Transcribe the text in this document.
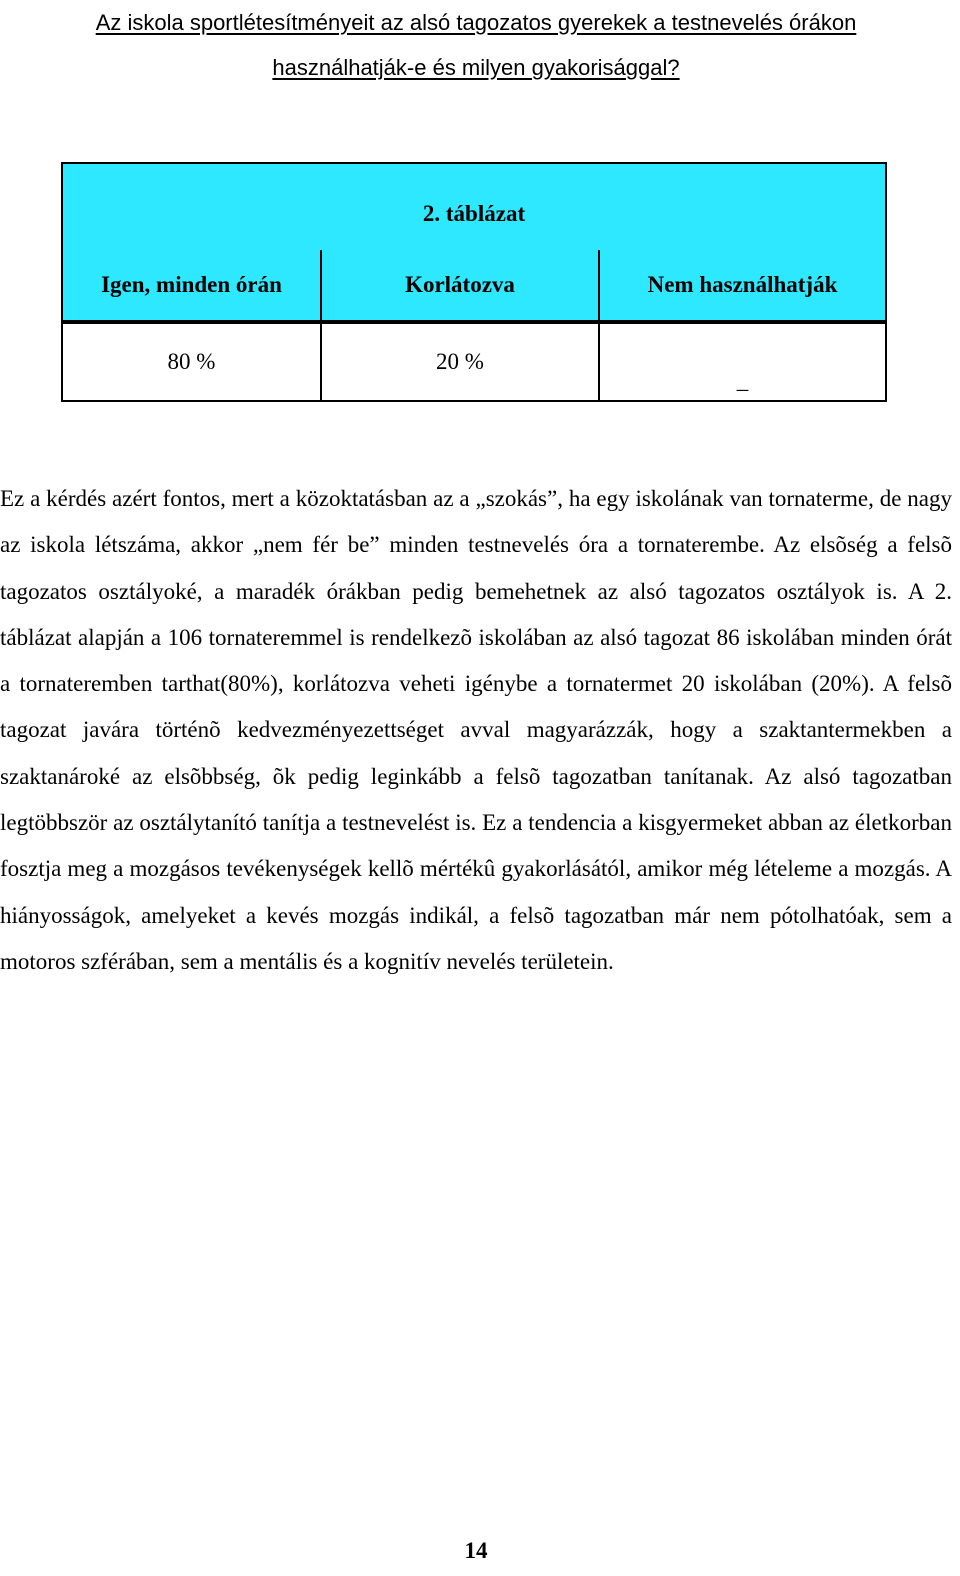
Az iskola sportlétesítményeit az alsó tagozatos gyerekek a testnevelés órákon
használhatják-e és milyen gyakorisággal?
2. táblázat		
Igen, minden órán	Korlátozva	Nem használhatják
80 %	20 %	_
Ez a kérdés azért fontos, mert a közoktatásban az a „szokás”, ha egy iskolának van tornaterme, de nagy az iskola létszáma, akkor „nem fér be” minden testnevelés óra a tornaterembe. Az elsõség a felsõ tagozatos osztályoké, a maradék órákban pedig bemehetnek az alsó tagozatos osztályok is. A 2. táblázat alapján a 106 tornateremmel is rendelkezõ iskolában az alsó tagozat 86 iskolában minden órát a tornateremben tarthat(80%), korlátozva veheti igénybe a tornatermet 20 iskolában (20%). A felsõ tagozat javára történõ kedvezményezettséget avval magyarázzák, hogy a szaktantermekben a szaktanároké az elsõbbség, õk pedig leginkább a felsõ tagozatban tanítanak. Az alsó tagozatban legtöbbször az osztálytanító tanítja a testnevelést is. Ez a tendencia a kisgyermeket abban az életkorban fosztja meg a mozgásos tevékenységek kellõ mértékû gyakorlásától, amikor még lételeme a mozgás. A hiányosságok, amelyeket a kevés mozgás indikál, a felsõ tagozatban már nem pótolhatóak, sem a motoros szférában, sem a mentális és a kognitív nevelés területein.
14
